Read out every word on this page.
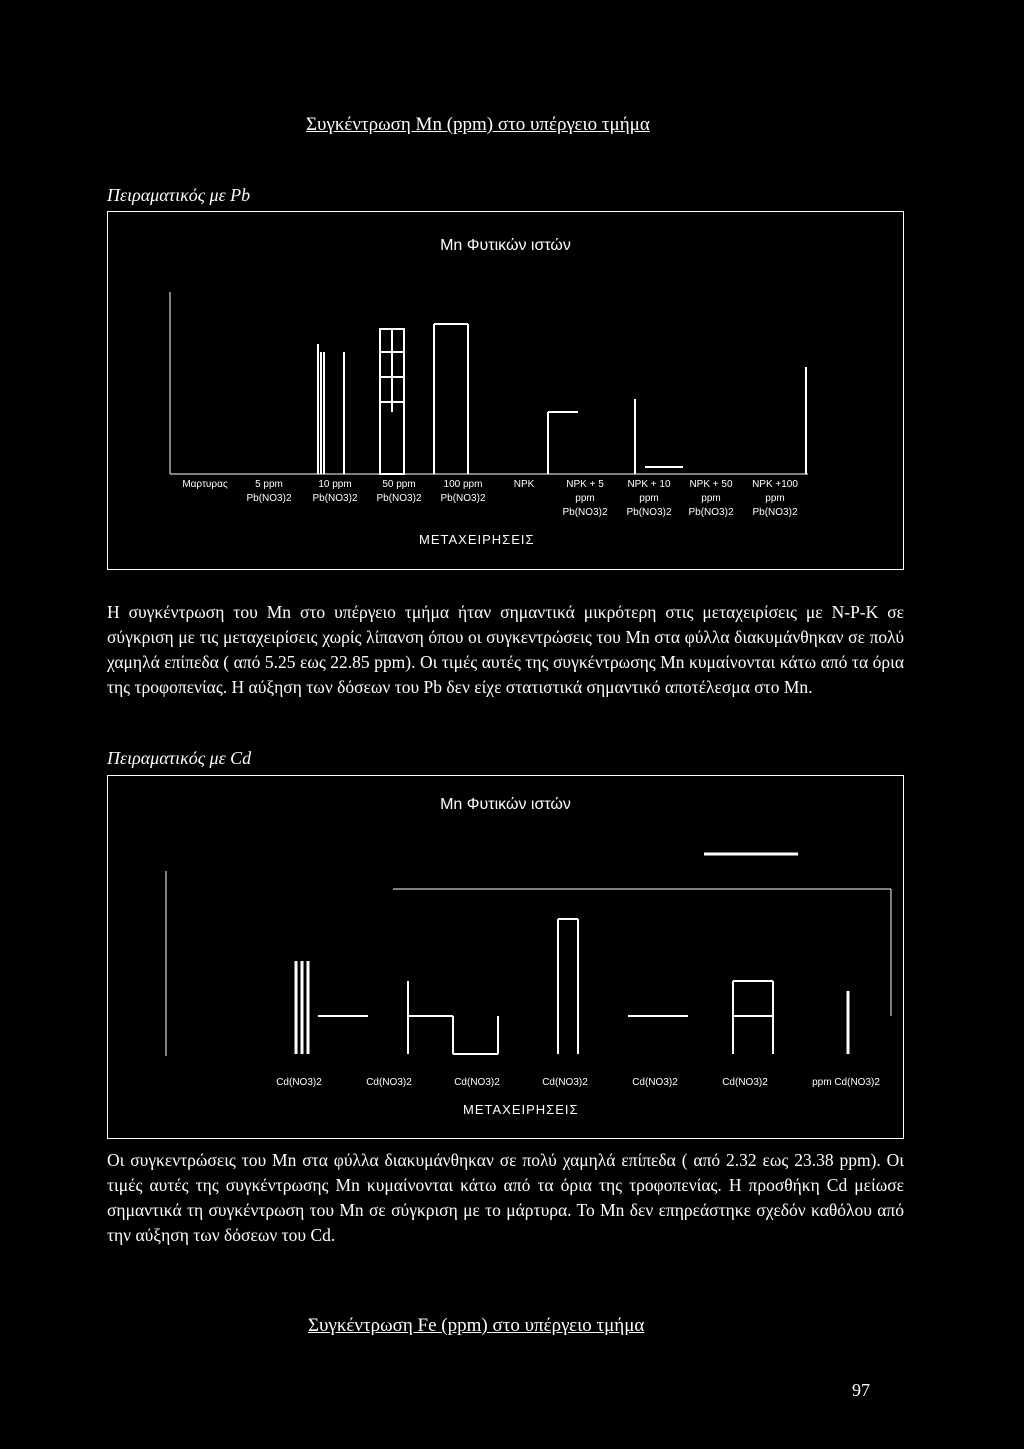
Συγκέντρωση Mn (ppm) στο υπέργειο τμήμα
Πειραματικός με Pb
Mn Φυτικών ιστών
Μαρτυρας	5 ppm
Pb(NO3)2
10 ppm
Pb(NO3)2
50 ppm
Pb(NO3)2
100 ppm
Pb(NO3)2
NPK	NPK + 5
ppm
Pb(NO3)2
NPK + 10
ppm
Pb(NO3)2
NPK + 50
ppm
Pb(NO3)2
NPK +100
ppm
Pb(NO3)2
ΜΕΤΑΧΕΙΡΗΣΕΙΣ
Η συγκέντρωση του Mn στο υπέργειο τμήμα ήταν σημαντικά μικρότερη στις μεταχειρίσεις με N-P-K σε σύγκριση με τις μεταχειρίσεις χωρίς λίπανση όπου οι συγκεντρώσεις του Mn στα φύλλα διακυμάνθηκαν σε πολύ χαμηλά επίπεδα ( από 5.25 εως 22.85 ppm). Οι τιμές αυτές της συγκέντρωσης Mn κυμαίνονται κάτω από τα όρια της τροφοπενίας. Η αύξηση των δόσεων του Pb δεν είχε στατιστικά σημαντικό αποτέλεσμα στο Mn.
Πειραματικός με Cd
Mn Φυτικών ιστών
Cd(NO3)2	Cd(NO3)2	Cd(NO3)2	Cd(NO3)2	Cd(NO3)2	Cd(NO3)2	ppm Cd(NO3)2
ΜΕΤΑΧΕΙΡΗΣΕΙΣ
Οι συγκεντρώσεις του Mn στα φύλλα διακυμάνθηκαν σε πολύ χαμηλά επίπεδα ( από 2.32 εως 23.38 ppm). Οι τιμές αυτές της συγκέντρωσης Mn κυμαίνονται κάτω από τα όρια της τροφοπενίας. Η προσθήκη Cd μείωσε σημαντικά τη συγκέντρωση του Mn σε σύγκριση με το μάρτυρα. Το Mn δεν επηρεάστηκε σχεδόν καθόλου από την αύξηση των δόσεων του Cd.
Συγκέντρωση Fe (ppm) στο υπέργειο τμήμα
97
